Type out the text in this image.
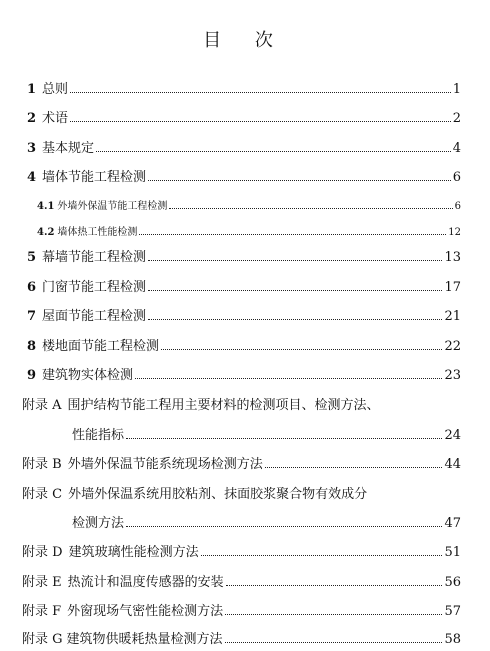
目 次
1 总则	1
2 术语	2
3 基本规定	4
4 墙体节能工程检测	6
4.1 外墙外保温节能工程检测	6
4.2 墙体热工性能检测	12
5 幕墙节能工程检测	13
6 门窗节能工程检测	17
7 屋面节能工程检测	21
8 楼地面节能工程检测	22
9 建筑物实体检测	23
附录 A 围护结构节能工程用主要材料的检测项目、检测方法、
性能指标	24
附录 B 外墙外保温节能系统现场检测方法	44
附录 C 外墙外保温系统用胶粘剂、抹面胶浆聚合物有效成分
检测方法	47
附录 D 建筑玻璃性能检测方法	51
附录 E 热流计和温度传感器的安装	56
附录 F 外窗现场气密性能检测方法	57
附录 G 建筑物供暖耗热量检测方法	58
